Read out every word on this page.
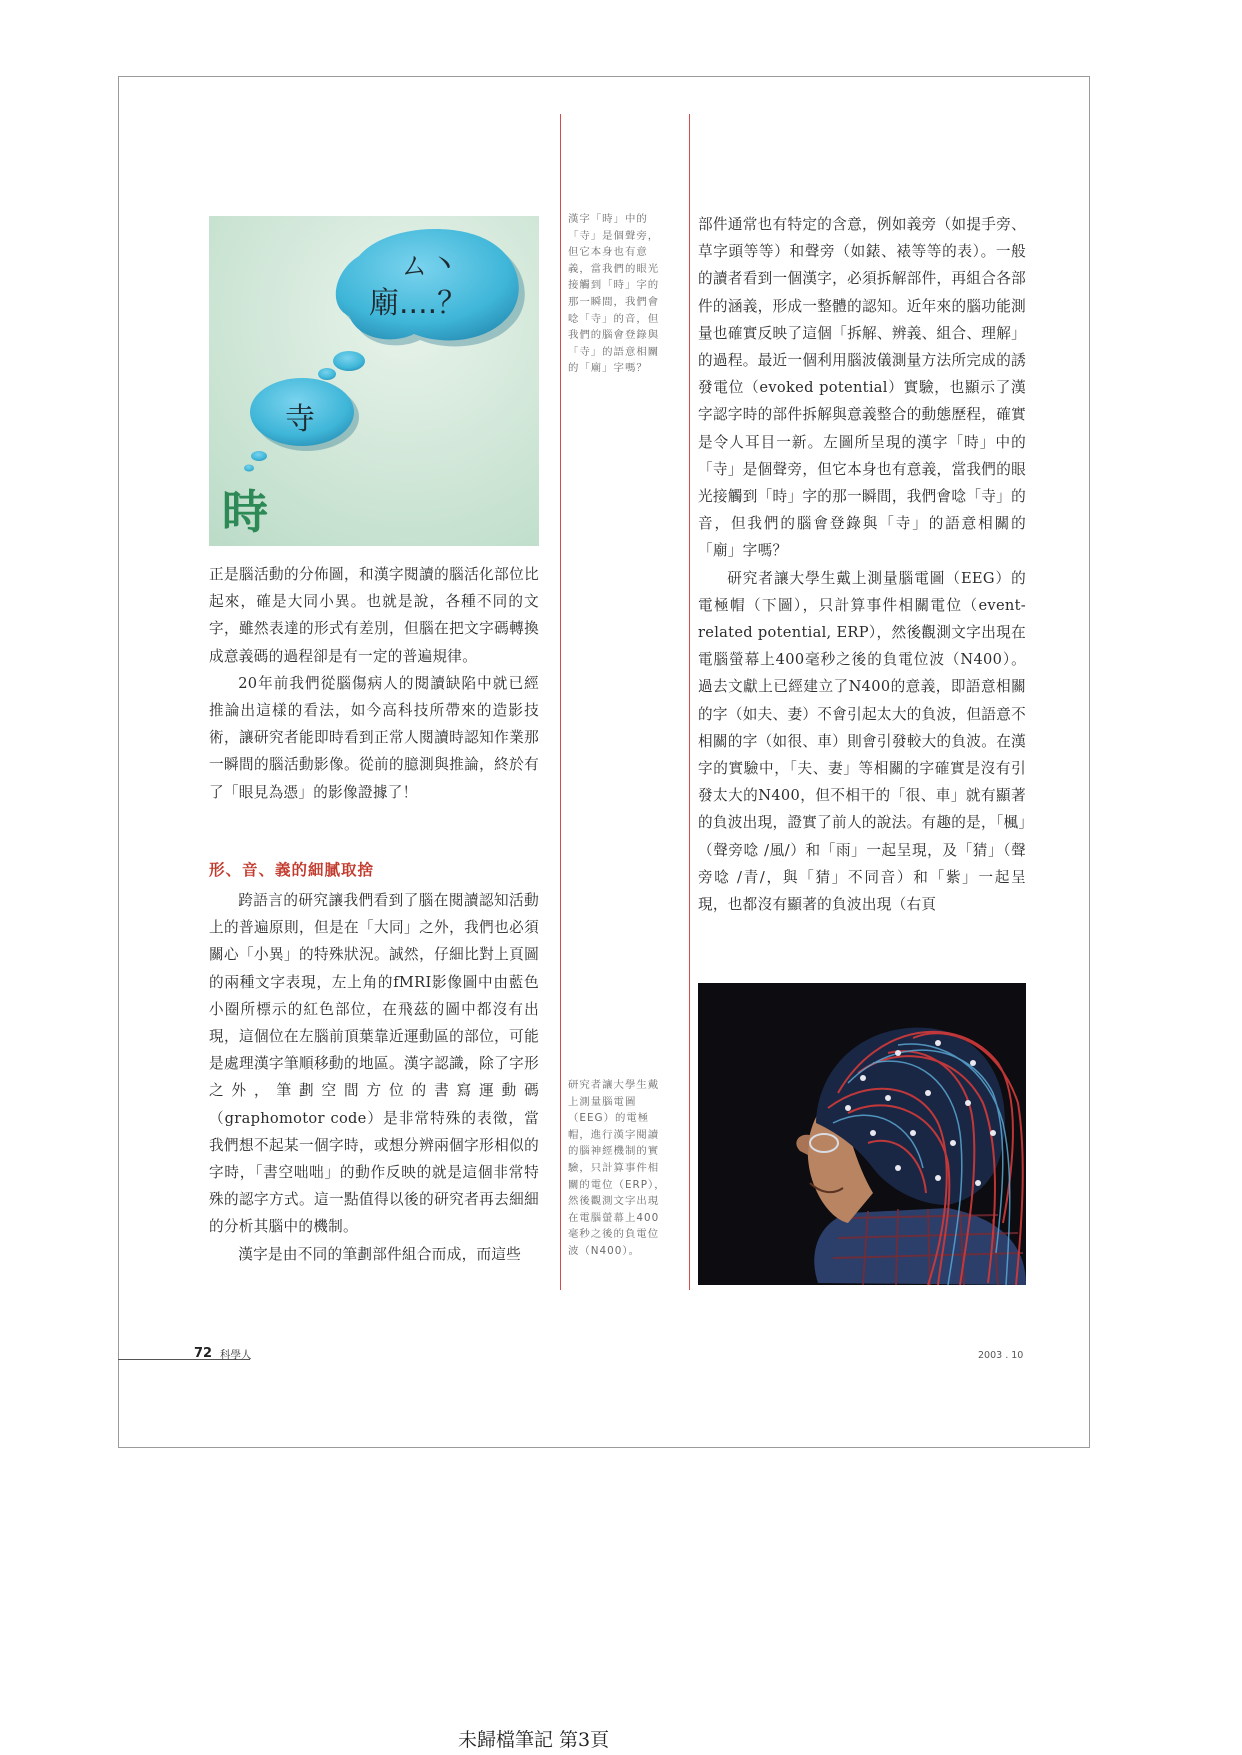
ㄙ丶
廟....？
寺
時

正是腦活動的分佈圖，和漢字閱讀的腦活化部位比起來，確是大同小異。也就是說，各種不同的文字，雖然表達的形式有差別，但腦在把文字碼轉換成意義碼的過程卻是有一定的普遍規律。

20年前我們從腦傷病人的閱讀缺陷中就已經推論出這樣的看法，如今高科技所帶來的造影技術，讓研究者能即時看到正常人閱讀時認知作業那一瞬間的腦活動影像。從前的臆測與推論，終於有了「眼見為憑」的影像證據了！

形、音、義的細膩取捨

跨語言的研究讓我們看到了腦在閱讀認知活動上的普遍原則，但是在「大同」之外，我們也必須關心「小異」的特殊狀況。誠然，仔細比對上頁圖的兩種文字表現，左上角的fMRI影像圖中由藍色小圈所標示的紅色部位，在飛茲的圖中都沒有出現，這個位在左腦前頂葉靠近運動區的部位，可能是處理漢字筆順移動的地區。漢字認識，除了字形之外，筆劃空間方位的書寫運動碼（graphomotor code）是非常特殊的表徵，當我們想不起某一個字時，或想分辨兩個字形相似的字時，「書空咄咄」的動作反映的就是這個非常特殊的認字方式。這一點值得以後的研究者再去細細的分析其腦中的機制。

漢字是由不同的筆劃部件組合而成，而這些

漢字「時」中的「寺」是個聲旁，但它本身也有意義，當我們的眼光接觸到「時」字的那一瞬間，我們會唸「寺」的音，但我們的腦會登錄與「寺」的語意相關的「廟」字嗎？
研究者讓大學生戴上測量腦電圖（EEG）的電極帽，進行漢字閱讀的腦神經機制的實驗，只計算事件相關的電位（ERP），然後觀測文字出現在電腦螢幕上400毫秒之後的負電位波（N400）。

部件通常也有特定的含意，例如義旁（如提手旁、草字頭等等）和聲旁（如錶、裱等等的表）。一般的讀者看到一個漢字，必須拆解部件，再組合各部件的涵義，形成一整體的認知。近年來的腦功能測量也確實反映了這個「拆解、辨義、組合、理解」的過程。最近一個利用腦波儀測量方法所完成的誘發電位（evoked potential）實驗，也顯示了漢字認字時的部件拆解與意義整合的動態歷程，確實是令人耳目一新。左圖所呈現的漢字「時」中的「寺」是個聲旁，但它本身也有意義，當我們的眼光接觸到「時」字的那一瞬間，我們會唸「寺」的音，但我們的腦會登錄與「寺」的語意相關的「廟」字嗎？

研究者讓大學生戴上測量腦電圖（EEG）的電極帽（下圖），只計算事件相關電位（event-related potential, ERP），然後觀測文字出現在電腦螢幕上400毫秒之後的負電位波（N400）。過去文獻上已經建立了N400的意義，即語意相關的字（如夫、妻）不會引起太大的負波，但語意不相關的字（如很、車）則會引發較大的負波。在漢字的實驗中，「夫、妻」等相關的字確實是沒有引發太大的N400，但不相干的「很、車」就有顯著的負波出現，證實了前人的說法。有趣的是，「楓」（聲旁唸 /風/）和「雨」一起呈現，及「猜」（聲旁唸 /青/，與「猜」不同音）和「紫」一起呈現，也都沒有顯著的負波出現（右頁

72 科學人	2003 . 10
未歸檔筆記 第3頁
